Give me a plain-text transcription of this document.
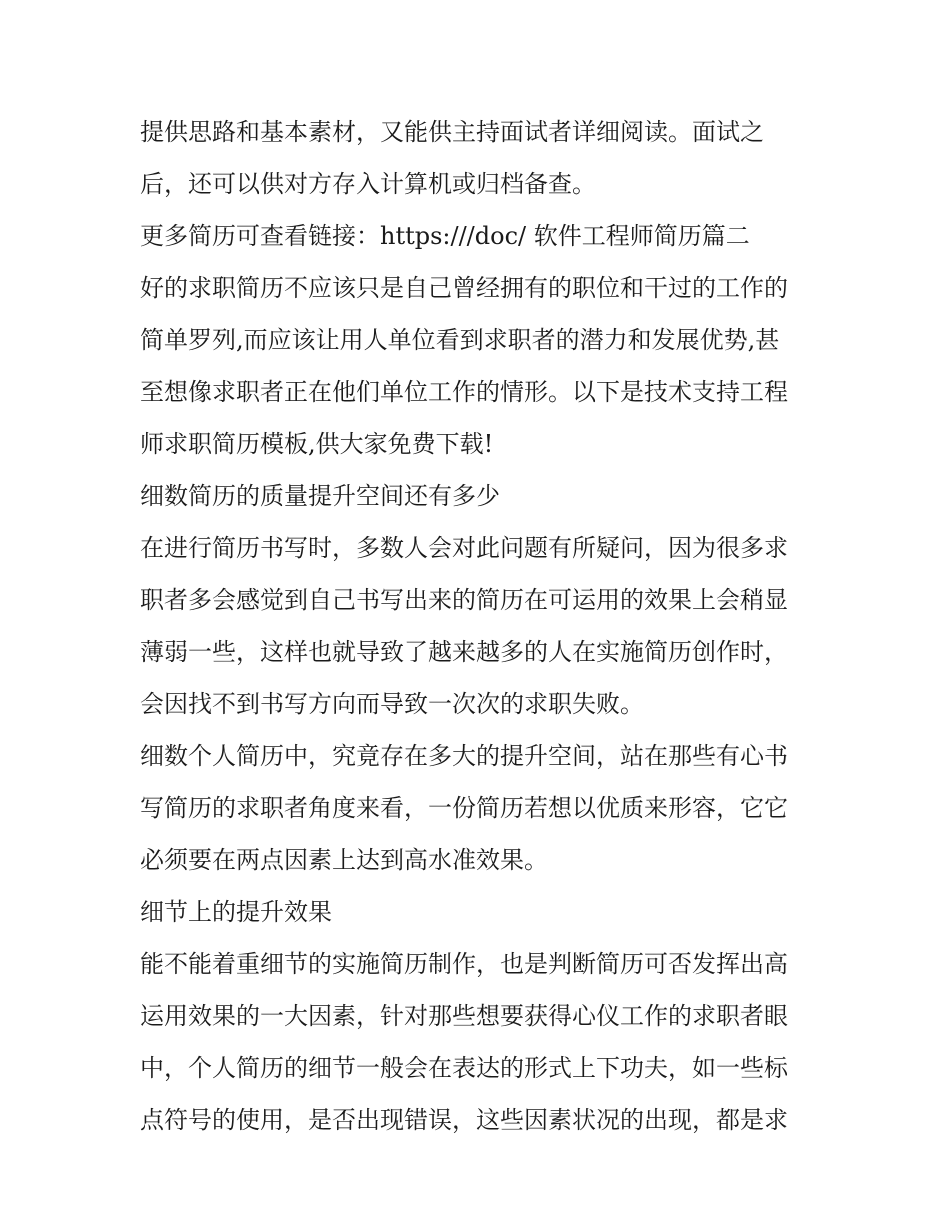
提供思路和基本素材，又能供主持面试者详细阅读。面试之
后，还可以供对方存入计算机或归档备查。

更多简历可查看链接：https:///doc/ 软件工程师简历篇二

好的求职简历不应该只是自己曾经拥有的职位和干过的工作的
简单罗列,而应该让用人单位看到求职者的潜力和发展优势,甚
至想像求职者正在他们单位工作的情形。以下是技术支持工程
师求职简历模板,供大家免费下载!

细数简历的质量提升空间还有多少

在进行简历书写时，多数人会对此问题有所疑问，因为很多求
职者多会感觉到自己书写出来的简历在可运用的效果上会稍显
薄弱一些，这样也就导致了越来越多的人在实施简历创作时，
会因找不到书写方向而导致一次次的求职失败。

细数个人简历中，究竟存在多大的提升空间，站在那些有心书
写简历的求职者角度来看，一份简历若想以优质来形容，它它
必须要在两点因素上达到高水准效果。

细节上的提升效果

能不能着重细节的实施简历制作，也是判断简历可否发挥出高
运用效果的一大因素，针对那些想要获得心仪工作的求职者眼
中，个人简历的细节一般会在表达的形式上下功夫，如一些标
点符号的使用，是否出现错误，这些因素状况的出现，都是求
